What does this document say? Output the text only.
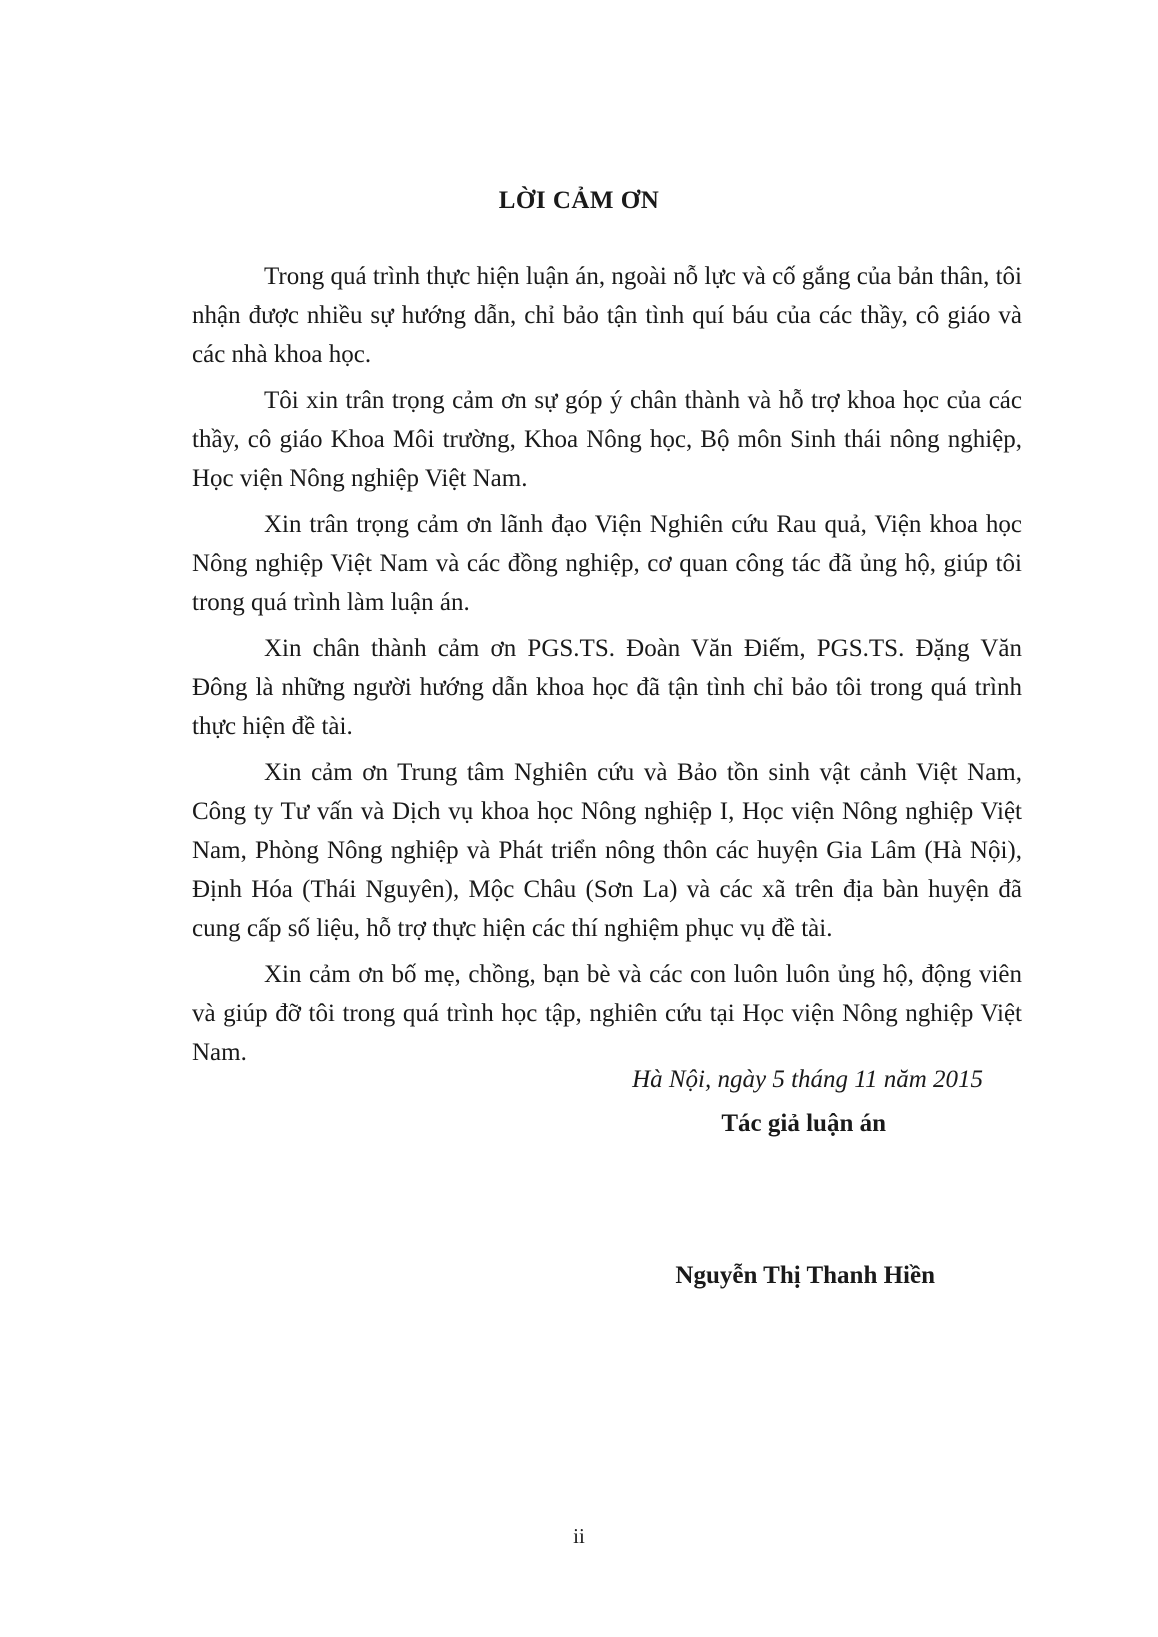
LỜI CẢM ƠN

Trong quá trình thực hiện luận án, ngoài nỗ lực và cố gắng của bản thân, tôi nhận được nhiều sự hướng dẫn, chỉ bảo tận tình quí báu của các thầy, cô giáo và các nhà khoa học.

Tôi xin trân trọng cảm ơn sự góp ý chân thành và hỗ trợ khoa học của các thầy, cô giáo Khoa Môi trường, Khoa Nông học, Bộ môn Sinh thái nông nghiệp, Học viện Nông nghiệp Việt Nam.

Xin trân trọng cảm ơn lãnh đạo Viện Nghiên cứu Rau quả, Viện khoa học Nông nghiệp Việt Nam và các đồng nghiệp, cơ quan công tác đã ủng hộ, giúp tôi trong quá trình làm luận án.

Xin chân thành cảm ơn PGS.TS. Đoàn Văn Điếm, PGS.TS. Đặng Văn Đông là những người hướng dẫn khoa học đã tận tình chỉ bảo tôi trong quá trình thực hiện đề tài.

Xin cảm ơn Trung tâm Nghiên cứu và Bảo tồn sinh vật cảnh Việt Nam, Công ty Tư vấn và Dịch vụ khoa học Nông nghiệp I, Học viện Nông nghiệp Việt Nam, Phòng Nông nghiệp và Phát triển nông thôn các huyện Gia Lâm (Hà Nội), Định Hóa (Thái Nguyên), Mộc Châu (Sơn La) và các xã trên địa bàn huyện đã cung cấp số liệu, hỗ trợ thực hiện các thí nghiệm phục vụ đề tài.

Xin cảm ơn bố mẹ, chồng, bạn bè và các con luôn luôn ủng hộ, động viên và giúp đỡ tôi trong quá trình học tập, nghiên cứu tại Học viện Nông nghiệp Việt Nam.

Hà Nội, ngày 5 tháng 11 năm 2015
Tác giả luận án
Nguyễn Thị Thanh Hiền
ii
